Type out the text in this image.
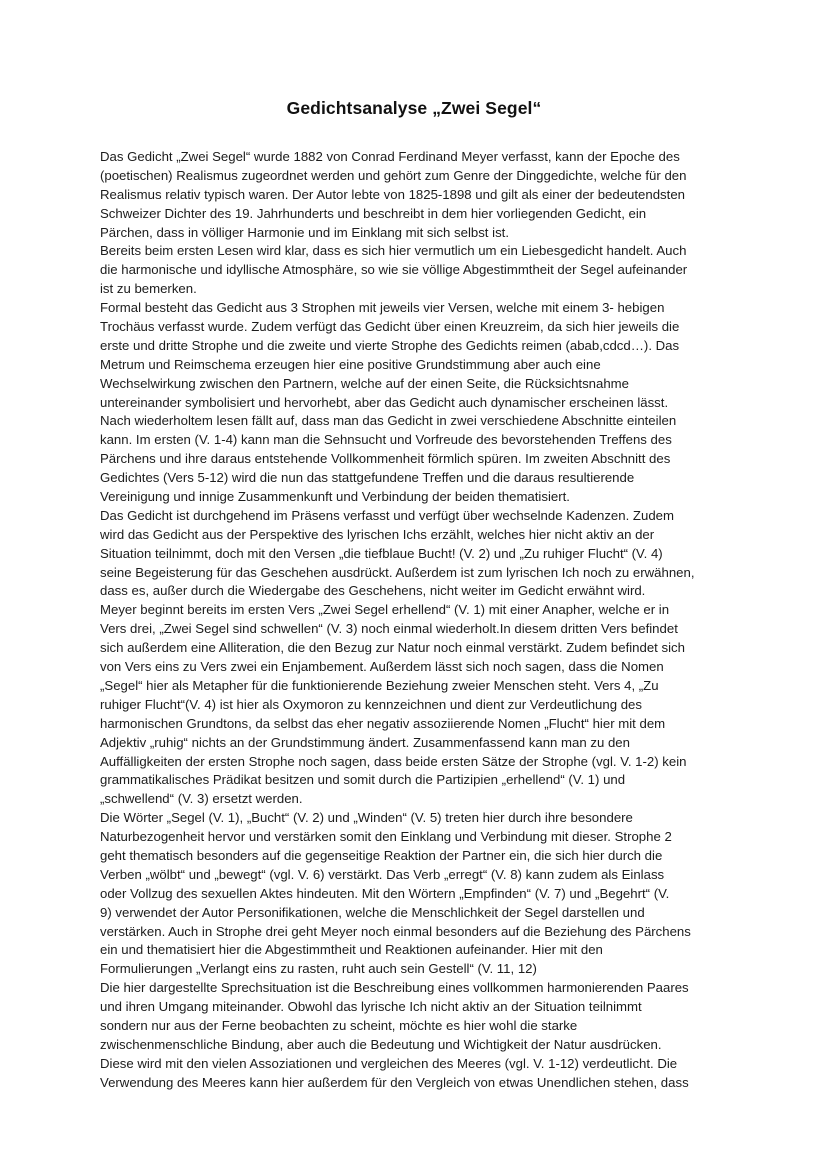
Gedichtsanalyse „Zwei Segel“
Das Gedicht „Zwei Segel“ wurde 1882 von Conrad Ferdinand Meyer verfasst, kann der Epoche des
(poetischen) Realismus zugeordnet werden und gehört zum Genre der Dinggedichte, welche für den
Realismus relativ typisch waren. Der Autor lebte von 1825-1898 und gilt als einer der bedeutendsten
Schweizer Dichter des 19. Jahrhunderts und beschreibt in dem hier vorliegenden Gedicht, ein
Pärchen, dass in völliger Harmonie und im Einklang mit sich selbst ist.
Bereits beim ersten Lesen wird klar, dass es sich hier vermutlich um ein Liebesgedicht handelt. Auch
die harmonische und idyllische Atmosphäre, so wie sie völlige Abgestimmtheit der Segel aufeinander
ist zu bemerken.
Formal besteht das Gedicht aus 3 Strophen mit jeweils vier Versen, welche mit einem 3- hebigen
Trochäus verfasst wurde. Zudem verfügt das Gedicht über einen Kreuzreim, da sich hier jeweils die
erste und dritte Strophe und die zweite und vierte Strophe des Gedichts reimen (abab,cdcd…). Das
Metrum und Reimschema erzeugen hier eine positive Grundstimmung aber auch eine
Wechselwirkung zwischen den Partnern, welche auf der einen Seite, die Rücksichtsnahme
untereinander symbolisiert und hervorhebt, aber das Gedicht auch dynamischer erscheinen lässt.
Nach wiederholtem lesen fällt auf, dass man das Gedicht in zwei verschiedene Abschnitte einteilen
kann. Im ersten (V. 1-4) kann man die Sehnsucht und Vorfreude des bevorstehenden Treffens des
Pärchens und ihre daraus entstehende Vollkommenheit förmlich spüren. Im zweiten Abschnitt des
Gedichtes (Vers 5-12) wird die nun das stattgefundene Treffen und die daraus resultierende
Vereinigung und innige Zusammenkunft und Verbindung der beiden thematisiert.
Das Gedicht ist durchgehend im Präsens verfasst und verfügt über wechselnde Kadenzen. Zudem
wird das Gedicht aus der Perspektive des lyrischen Ichs erzählt, welches hier nicht aktiv an der
Situation teilnimmt, doch mit den Versen „die tiefblaue Bucht! (V. 2) und „Zu ruhiger Flucht“ (V. 4)
seine Begeisterung für das Geschehen ausdrückt. Außerdem ist zum lyrischen Ich noch zu erwähnen,
dass es, außer durch die Wiedergabe des Geschehens, nicht weiter im Gedicht erwähnt wird.
Meyer beginnt bereits im ersten Vers „Zwei Segel erhellend“ (V. 1) mit einer Anapher, welche er in
Vers drei, „Zwei Segel sind schwellen“ (V. 3) noch einmal wiederholt.In diesem dritten Vers befindet
sich außerdem eine Alliteration, die den Bezug zur Natur noch einmal verstärkt. Zudem befindet sich
von Vers eins zu Vers zwei ein Enjambement. Außerdem lässt sich noch sagen, dass die Nomen
„Segel“ hier als Metapher für die funktionierende Beziehung zweier Menschen steht. Vers 4, „Zu
ruhiger Flucht“(V. 4) ist hier als Oxymoron zu kennzeichnen und dient zur Verdeutlichung des
harmonischen Grundtons, da selbst das eher negativ assoziierende Nomen „Flucht“ hier mit dem
Adjektiv „ruhig“ nichts an der Grundstimmung ändert. Zusammenfassend kann man zu den
Auffälligkeiten der ersten Strophe noch sagen, dass beide ersten Sätze der Strophe (vgl. V. 1-2) kein
grammatikalisches Prädikat besitzen und somit durch die Partizipien „erhellend“ (V. 1) und
„schwellend“ (V. 3) ersetzt werden.
Die Wörter „Segel (V. 1), „Bucht“ (V. 2) und „Winden“ (V. 5) treten hier durch ihre besondere
Naturbezogenheit hervor und verstärken somit den Einklang und Verbindung mit dieser. Strophe 2
geht thematisch besonders auf die gegenseitige Reaktion der Partner ein, die sich hier durch die
Verben „wölbt“ und „bewegt“ (vgl. V. 6) verstärkt. Das Verb „erregt“ (V. 8) kann zudem als Einlass
oder Vollzug des sexuellen Aktes hindeuten. Mit den Wörtern „Empfinden“ (V. 7) und „Begehrt“ (V.
9) verwendet der Autor Personifikationen, welche die Menschlichkeit der Segel darstellen und
verstärken. Auch in Strophe drei geht Meyer noch einmal besonders auf die Beziehung des Pärchens
ein und thematisiert hier die Abgestimmtheit und Reaktionen aufeinander. Hier mit den
Formulierungen „Verlangt eins zu rasten, ruht auch sein Gestell“ (V. 11, 12)
Die hier dargestellte Sprechsituation ist die Beschreibung eines vollkommen harmonierenden Paares
und ihren Umgang miteinander. Obwohl das lyrische Ich nicht aktiv an der Situation teilnimmt
sondern nur aus der Ferne beobachten zu scheint, möchte es hier wohl die starke
zwischenmenschliche Bindung, aber auch die Bedeutung und Wichtigkeit der Natur ausdrücken.
Diese wird mit den vielen Assoziationen und vergleichen des Meeres (vgl. V. 1-12) verdeutlicht. Die
Verwendung des Meeres kann hier außerdem für den Vergleich von etwas Unendlichen stehen, dass
